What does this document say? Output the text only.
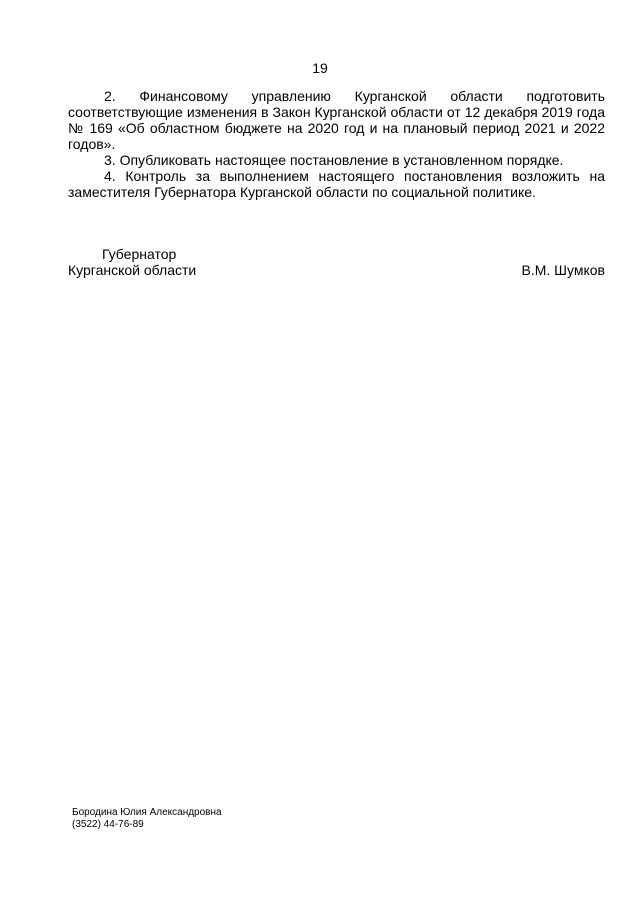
19

2. Финансовому управлению Курганской области подготовить соответствующие изменения в Закон Курганской области от 12 декабря 2019 года № 169 «Об областном бюджете на 2020 год и на плановый период 2021 и 2022 годов».

3. Опубликовать настоящее постановление в установленном порядке.

4. Контроль за выполнением настоящего постановления возложить на заместителя Губернатора Курганской области по социальной политике.

Губернатор
Курганской области	В.М. Шумков
Бородина Юлия Александровна
(3522) 44-76-89
